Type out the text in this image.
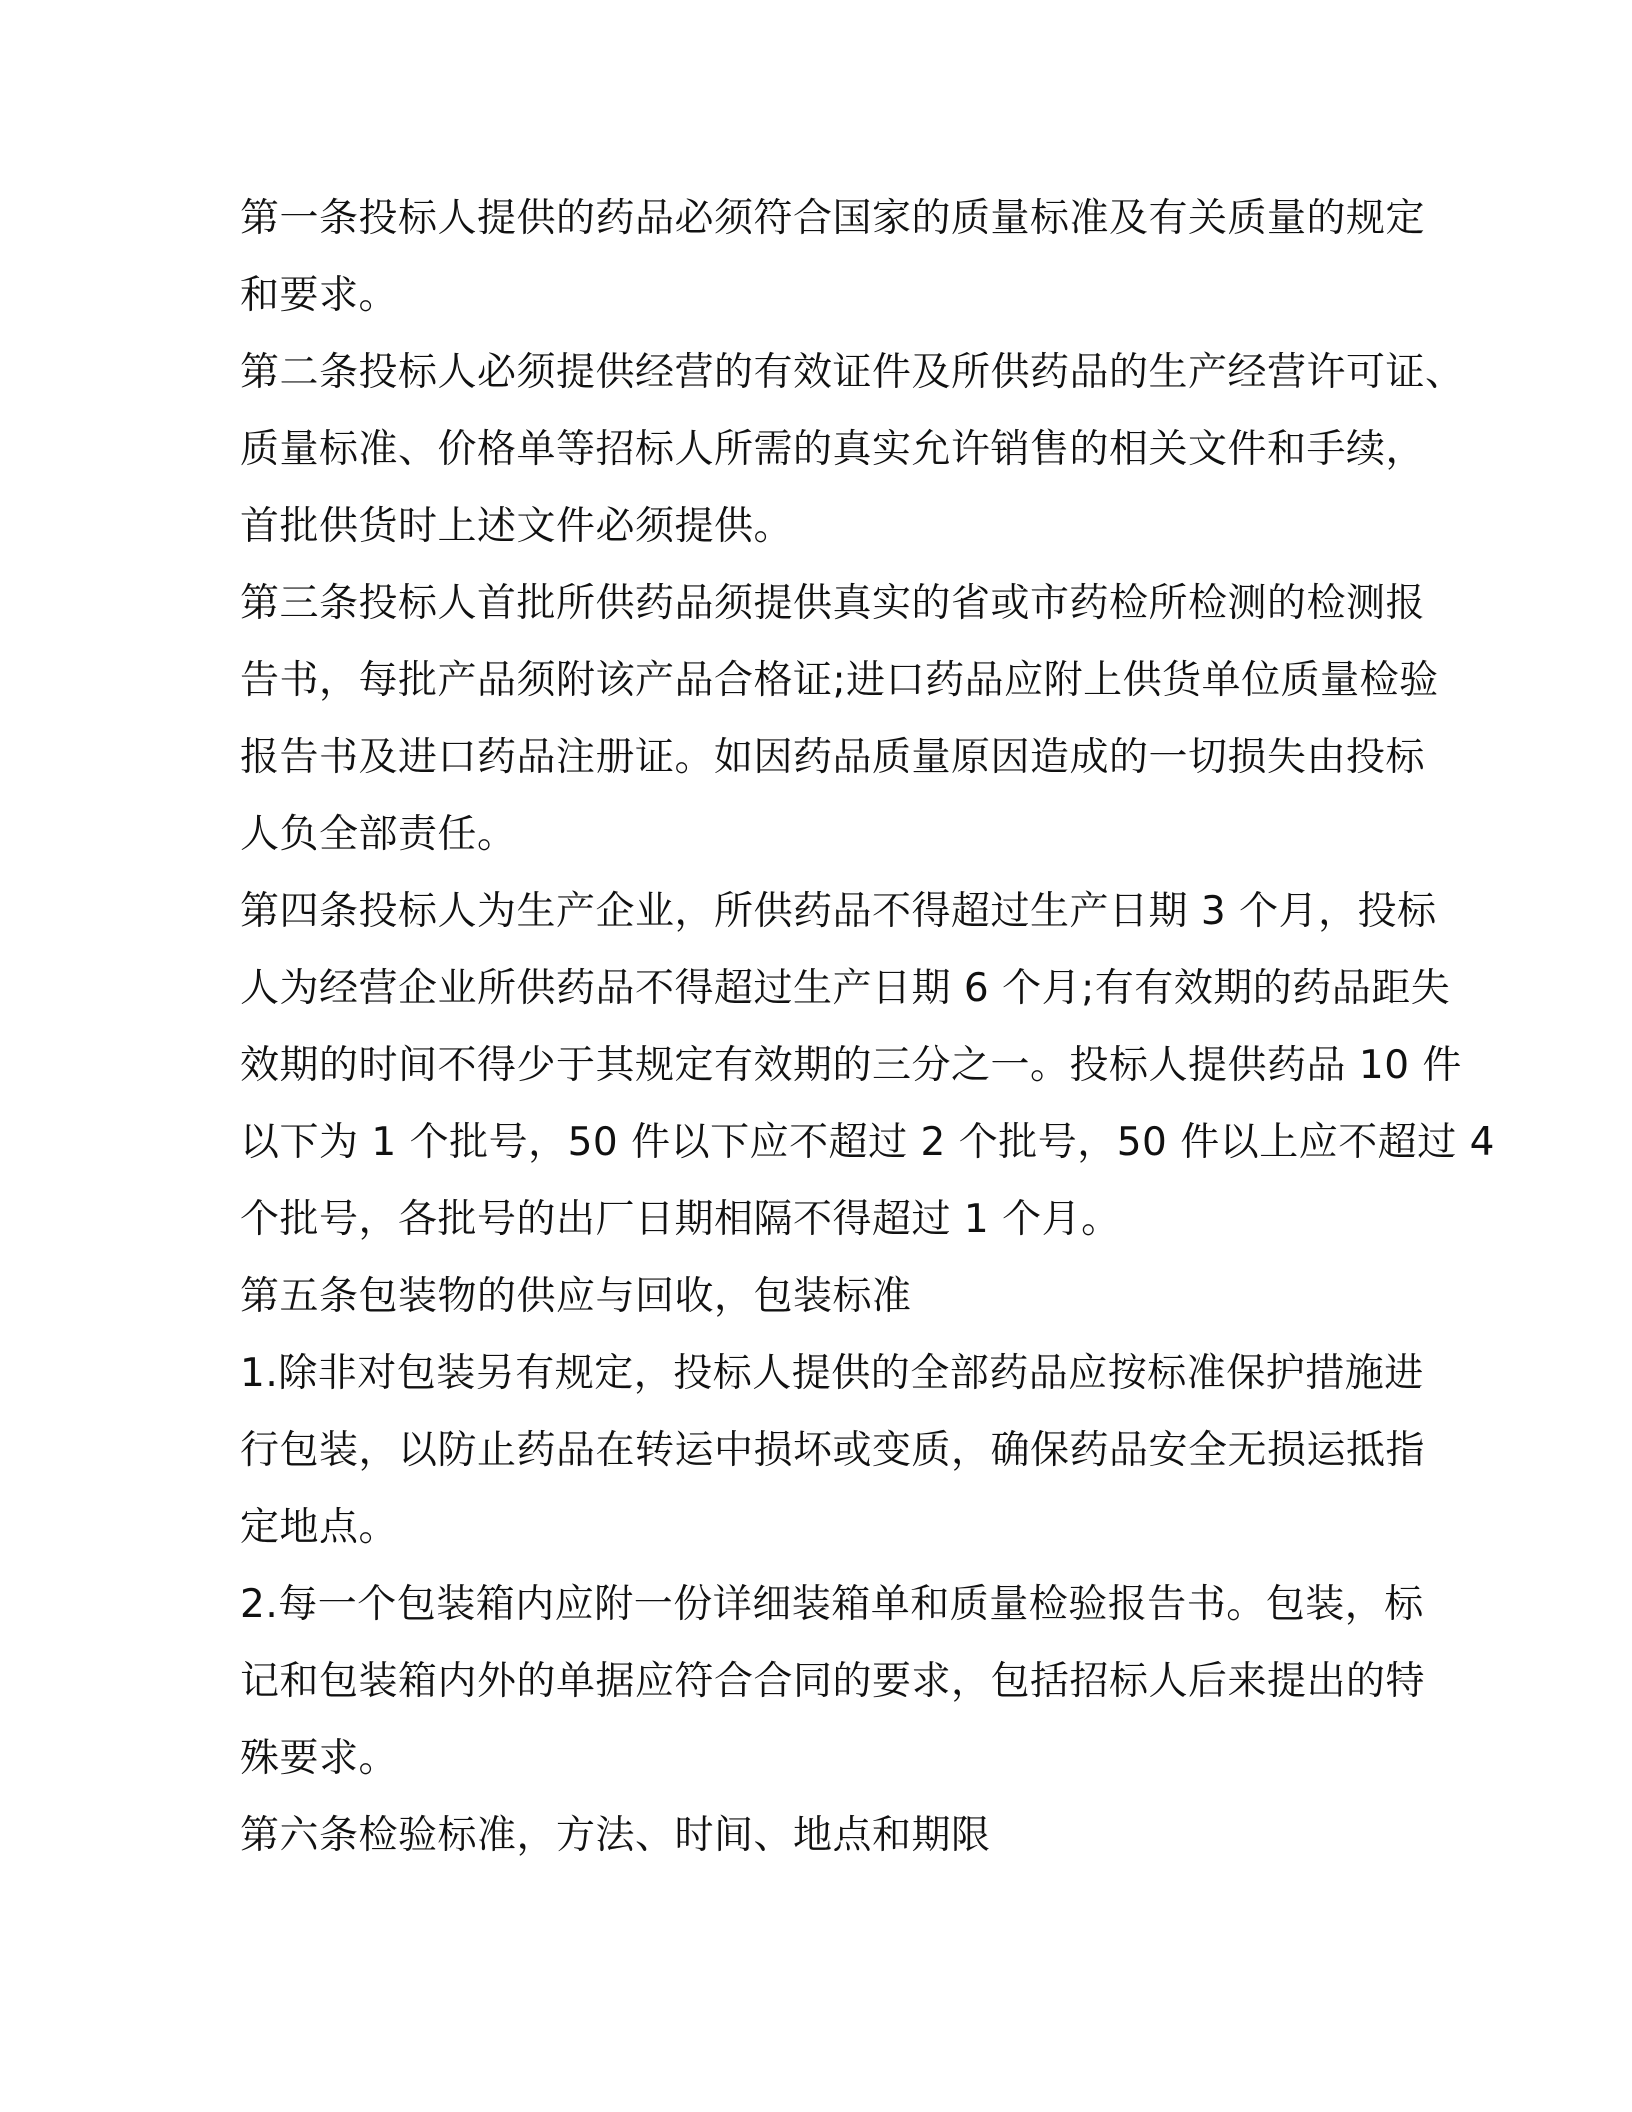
第一条投标人提供的药品必须符合国家的质量标准及有关质量的规定
和要求。
第二条投标人必须提供经营的有效证件及所供药品的生产经营许可证、
质量标准、价格单等招标人所需的真实允许销售的相关文件和手续，
首批供货时上述文件必须提供。
第三条投标人首批所供药品须提供真实的省或市药检所检测的检测报
告书，每批产品须附该产品合格证;进口药品应附上供货单位质量检验
报告书及进口药品注册证。如因药品质量原因造成的一切损失由投标
人负全部责任。
第四条投标人为生产企业，所供药品不得超过生产日期 3 个月，投标
人为经营企业所供药品不得超过生产日期 6 个月;有有效期的药品距失
效期的时间不得少于其规定有效期的三分之一。投标人提供药品 10 件
以下为 1 个批号，50 件以下应不超过 2 个批号，50 件以上应不超过 4
个批号，各批号的出厂日期相隔不得超过 1 个月。
第五条包装物的供应与回收，包装标准
1.除非对包装另有规定，投标人提供的全部药品应按标准保护措施进
行包装，以防止药品在转运中损坏或变质，确保药品安全无损运抵指
定地点。
2.每一个包装箱内应附一份详细装箱单和质量检验报告书。包装，标
记和包装箱内外的单据应符合合同的要求，包括招标人后来提出的特
殊要求。
第六条检验标准，方法、时间、地点和期限
